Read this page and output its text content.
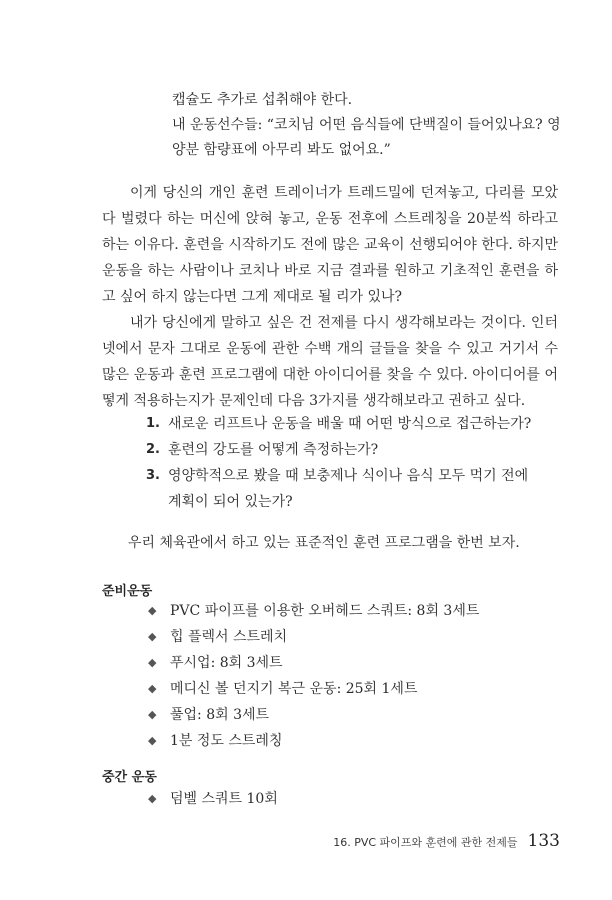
캡슐도 추가로 섭취해야 한다.

내 운동선수들: “코치님 어떤 음식들에 단백질이 들어있나요? 영

양분 함량표에 아무리 봐도 없어요.”

이게 당신의 개인 훈련 트레이너가 트레드밀에 던져놓고, 다리를 모았다 벌렸다 하는 머신에 앉혀 놓고, 운동 전후에 스트레칭을 20분씩 하라고 하는 이유다. 훈련을 시작하기도 전에 많은 교육이 선행되어야 한다. 하지만 운동을 하는 사람이나 코치나 바로 지금 결과를 원하고 기초적인 훈련을 하고 싶어 하지 않는다면 그게 제대로 될 리가 있나?

내가 당신에게 말하고 싶은 건 전제를 다시 생각해보라는 것이다. 인터넷에서 문자 그대로 운동에 관한 수백 개의 글들을 찾을 수 있고 거기서 수많은 운동과 훈련 프로그램에 대한 아이디어를 찾을 수 있다. 아이디어를 어떻게 적용하는지가 문제인데 다음 3가지를 생각해보라고 권하고 싶다.

1. 새로운 리프트나 운동을 배울 때 어떤 방식으로 접근하는가?
2. 훈련의 강도를 어떻게 측정하는가?
3. 영양학적으로 봤을 때 보충제나 식이나 음식 모두 먹기 전에 계획이 되어 있는가?
우리 체육관에서 하고 있는 표준적인 훈련 프로그램을 한번 보자.
준비운동
◆ PVC 파이프를 이용한 오버헤드 스쿼트: 8회 3세트
◆ 힙 플렉서 스트레치
◆ 푸시업: 8회 3세트
◆ 메디신 볼 던지기 복근 운동: 25회 1세트
◆ 풀업: 8회 3세트
◆ 1분 정도 스트레칭
중간 운동
◆ 덤벨 스쿼트 10회
16. PVC 파이프와 훈련에 관한 전제들 133
